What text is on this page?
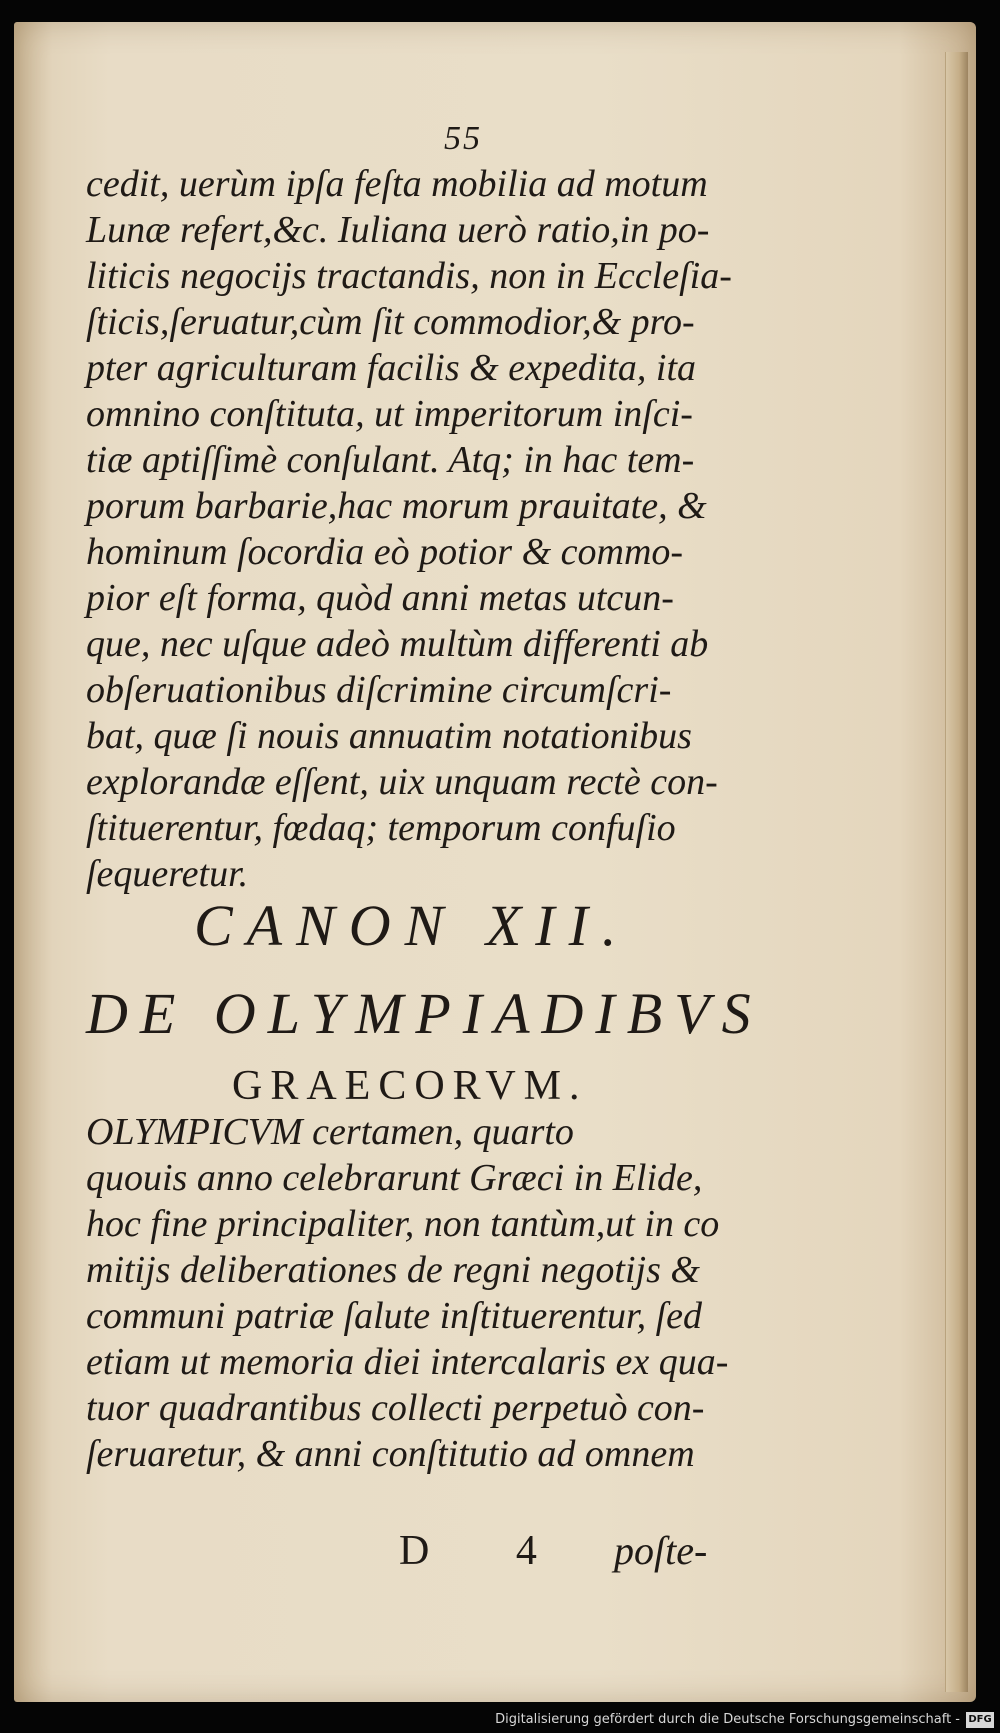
55
cedit, uerùm ipſa feſta mobilia ad motum
Lunæ refert,&c. Iuliana uerò ratio,in po-
liticis negocijs tractandis, non in Eccleſia-
ſticis,ſeruatur,cùm ſit commodior,& pro-
pter agriculturam facilis & expedita, ita
omnino conſtituta, ut imperitorum inſci-
tiæ aptiſſimè conſulant. Atq; in hac tem-
porum barbarie,hac morum prauitate, &
hominum ſocordia eò potior & commo-
pior eſt forma, quòd anni metas utcun-
que, nec uſque adeò multùm differenti ab
obſeruationibus diſcrimine circumſcri-
bat, quæ ſi nouis annuatim notationibus
explorandæ eſſent, uix unquam rectè con-
ſtituerentur, fœdaq; temporum confuſio
ſequeretur.
CANON XII.
DE OLYMPIADIBVS
GRAECORVM.
OLYMPICVM certamen, quarto
quouis anno celebrarunt Græci in Elide,
hoc fine principaliter, non tantùm,ut in co
mitijs deliberationes de regni negotijs &
communi patriæ ſalute inſtituerentur, ſed
etiam ut memoria diei intercalaris ex qua-
tuor quadrantibus collecti perpetuò con-
ſeruaretur, & anni conſtitutio ad omnem
D 4 poſte-
Digitalisierung gefördert durch die Deutsche Forschungsgemeinschaft - DFG
